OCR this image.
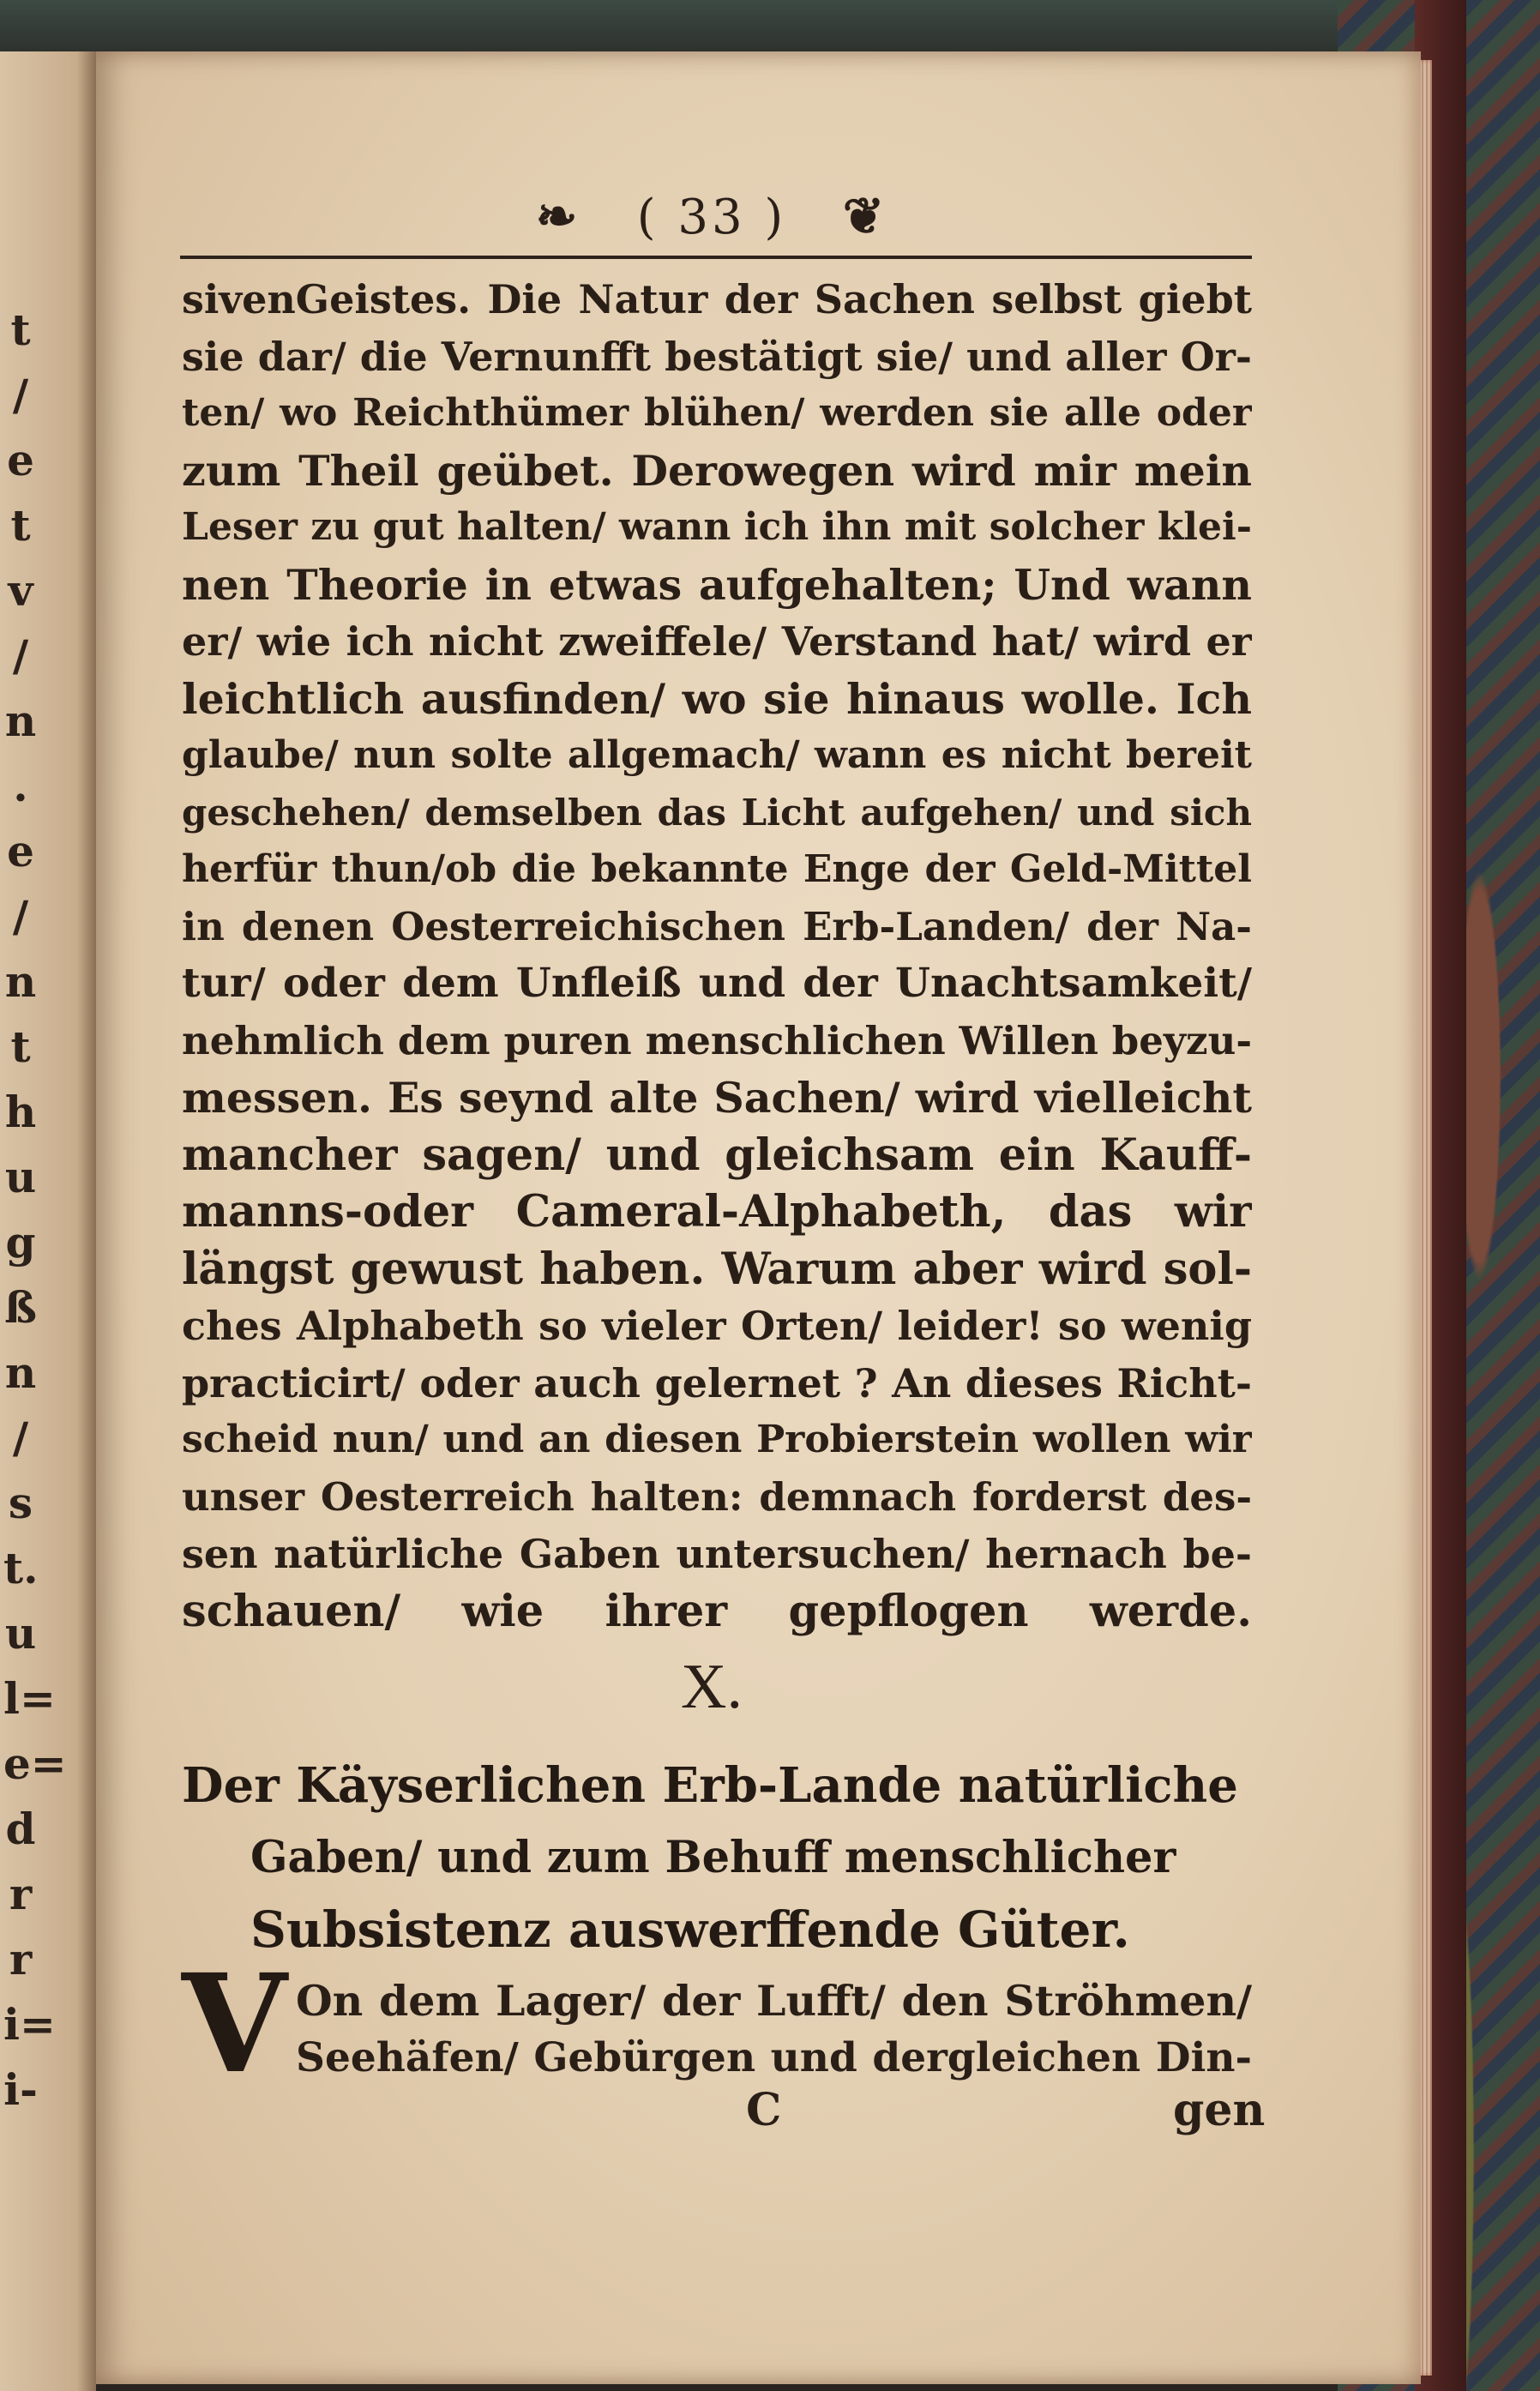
t
/
e
t
v
/
n
.
e
/
n
t
h
u
g
ß
n
/
s
t.
u
l=
e=
d
r
r
i=
i-
❧ ( 33 ) ❦
sivenGeistes. Die Natur der Sachen selbst giebt
sie dar/ die Vernunfft bestätigt sie/ und aller Or-
ten/ wo Reichthümer blühen/ werden sie alle oder
zum Theil geübet. Derowegen wird mir mein
Leser zu gut halten/ wann ich ihn mit solcher klei-
nen Theorie in etwas aufgehalten; Und wann
er/ wie ich nicht zweiffele/ Verstand hat/ wird er
leichtlich ausfinden/ wo sie hinaus wolle. Ich
glaube/ nun solte allgemach/ wann es nicht bereit
geschehen/ demselben das Licht aufgehen/ und sich
herfür thun/ob die bekannte Enge der Geld-Mittel
in denen Oesterreichischen Erb-Landen/ der Na-
tur/ oder dem Unfleiß und der Unachtsamkeit/
nehmlich dem puren menschlichen Willen beyzu-
messen. Es seynd alte Sachen/ wird vielleicht
mancher sagen/ und gleichsam ein Kauff-
manns-oder Cameral-Alphabeth, das wir
längst gewust haben. Warum aber wird sol-
ches Alphabeth so vieler Orten/ leider! so wenig
practicirt/ oder auch gelernet ? An dieses Richt-
scheid nun/ und an diesen Probierstein wollen wir
unser Oesterreich halten: demnach forderst des-
sen natürliche Gaben untersuchen/ hernach be-
schauen/ wie ihrer gepflogen werde.
X.
Der Käyserlichen Erb-Lande natürliche
Gaben/ und zum Behuff menschlicher
Subsistenz auswerffende Güter.
V On dem Lager/ der Lufft/ den Ströhmen/
Seehäfen/ Gebürgen und dergleichen Din-
C	gen
